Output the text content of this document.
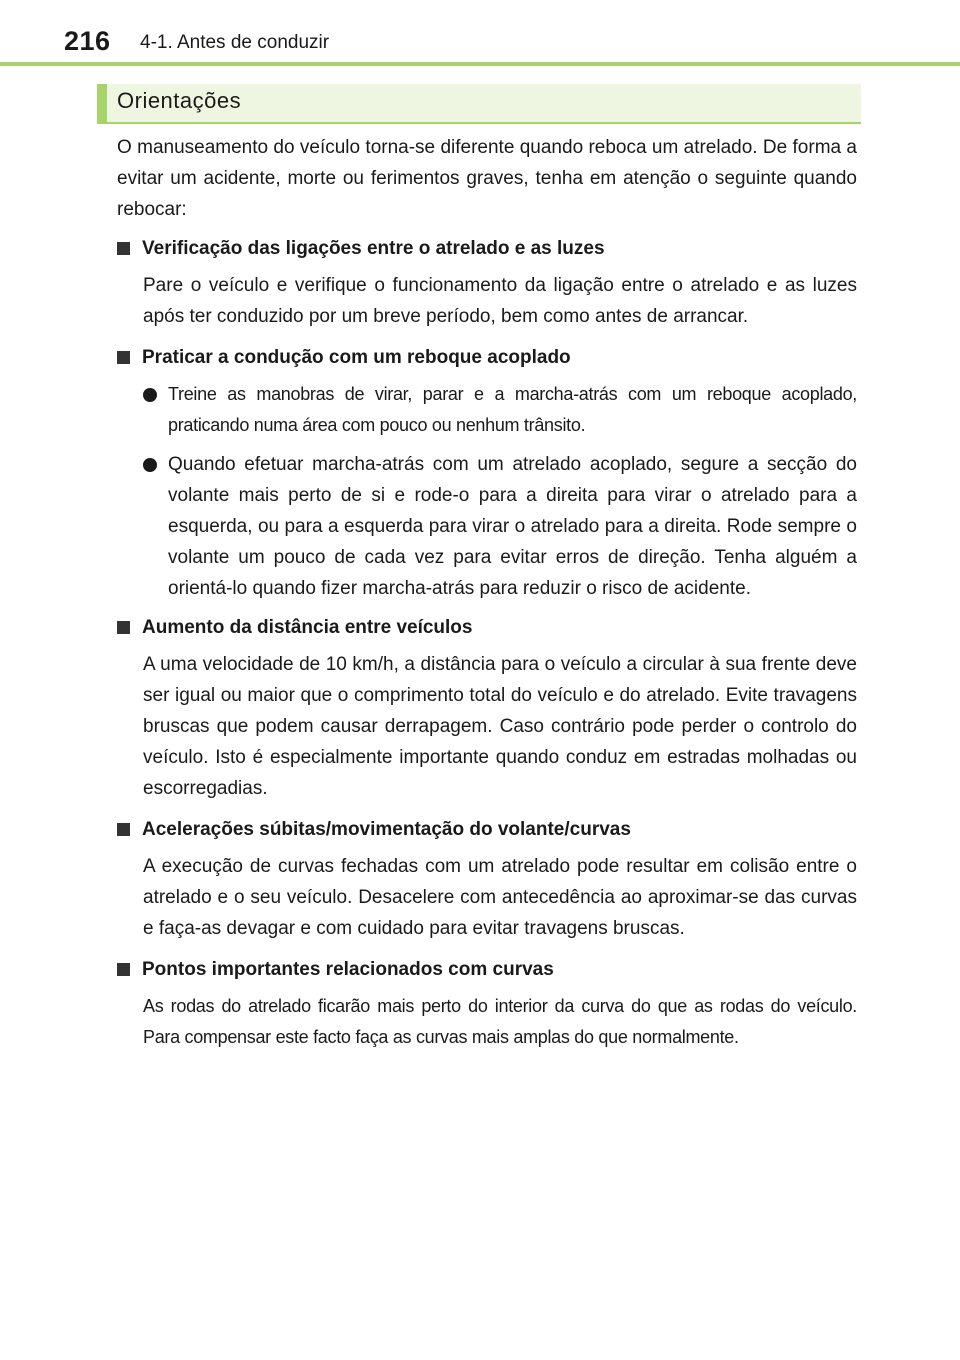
216 4-1. Antes de conduzir
Orientações

O manuseamento do veículo torna-se diferente quando reboca um atrelado. De forma a evitar um acidente, morte ou ferimentos graves, tenha em atenção o seguinte quando rebocar:

Verificação das ligações entre o atrelado e as luzes
Pare o veículo e verifique o funcionamento da ligação entre o atrelado e as luzes após ter conduzido por um breve período, bem como antes de arrancar.
Praticar a condução com um reboque acoplado
Treine as manobras de virar, parar e a marcha-atrás com um reboque acoplado, praticando numa área com pouco ou nenhum trânsito.
Quando efetuar marcha-atrás com um atrelado acoplado, segure a secção do volante mais perto de si e rode-o para a direita para virar o atrelado para a esquerda, ou para a esquerda para virar o atrelado para a direita. Rode sempre o volante um pouco de cada vez para evitar erros de direção. Tenha alguém a orientá-lo quando fizer marcha-atrás para reduzir o risco de acidente.
Aumento da distância entre veículos
A uma velocidade de 10 km/h, a distância para o veículo a circular à sua frente deve ser igual ou maior que o comprimento total do veículo e do atrelado. Evite travagens bruscas que podem causar derrapagem. Caso contrário pode perder o controlo do veículo. Isto é especialmente importante quando conduz em estradas molhadas ou escorregadias.
Acelerações súbitas/movimentação do volante/curvas
A execução de curvas fechadas com um atrelado pode resultar em colisão entre o atrelado e o seu veículo. Desacelere com antecedência ao aproximar-se das curvas e faça-as devagar e com cuidado para evitar travagens bruscas.
Pontos importantes relacionados com curvas
As rodas do atrelado ficarão mais perto do interior da curva do que as rodas do veículo. Para compensar este facto faça as curvas mais amplas do que normalmente.
